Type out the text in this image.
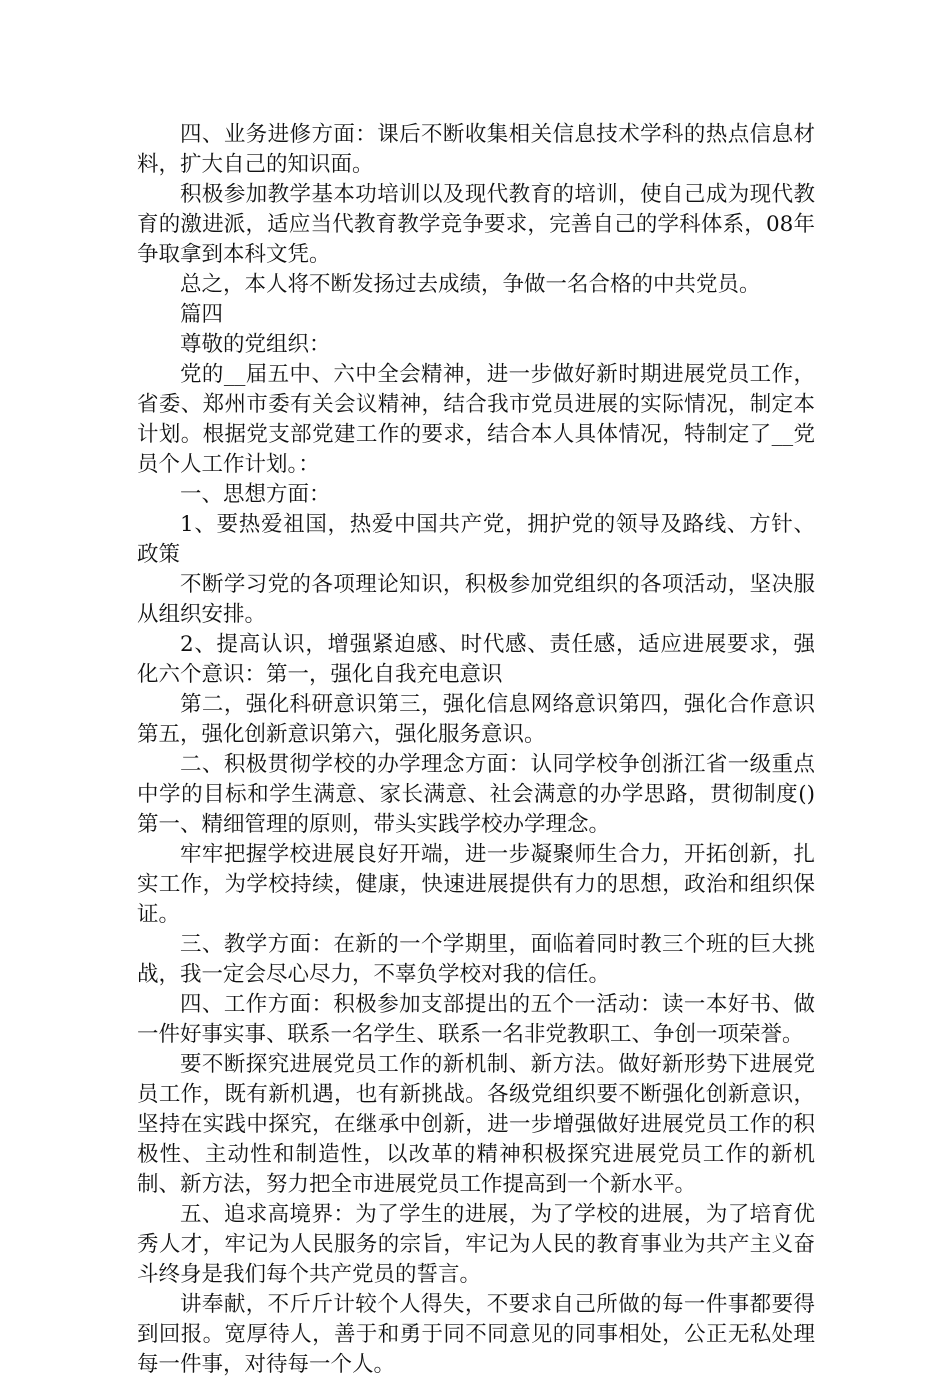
四、业务进修方面：课后不断收集相关信息技术学科的热点信息材料，扩大自己的知识面。

积极参加教学基本功培训以及现代教育的培训，使自己成为现代教育的激进派，适应当代教育教学竞争要求，完善自己的学科体系，08年争取拿到本科文凭。

总之，本人将不断发扬过去成绩，争做一名合格的中共党员。

篇四

尊敬的党组织：

党的__届五中、六中全会精神，进一步做好新时期进展党员工作，省委、郑州市委有关会议精神，结合我市党员进展的实际情况，制定本计划。根据党支部党建工作的要求，结合本人具体情况，特制定了__党员个人工作计划。：

一、思想方面：

1、要热爱祖国，热爱中国共产党，拥护党的领导及路线、方针、政策

不断学习党的各项理论知识，积极参加党组织的各项活动，坚决服从组织安排。

2、提高认识，增强紧迫感、时代感、责任感，适应进展要求，强化六个意识：第一，强化自我充电意识

第二，强化科研意识第三，强化信息网络意识第四，强化合作意识第五，强化创新意识第六，强化服务意识。

二、积极贯彻学校的办学理念方面：认同学校争创浙江省一级重点中学的目标和学生满意、家长满意、社会满意的办学思路，贯彻制度()第一、精细管理的原则，带头实践学校办学理念。

牢牢把握学校进展良好开端，进一步凝聚师生合力，开拓创新，扎实工作，为学校持续，健康，快速进展提供有力的思想，政治和组织保证。

三、教学方面：在新的一个学期里，面临着同时教三个班的巨大挑战，我一定会尽心尽力，不辜负学校对我的信任。

四、工作方面：积极参加支部提出的五个一活动：读一本好书、做一件好事实事、联系一名学生、联系一名非党教职工、争创一项荣誉。

要不断探究进展党员工作的新机制、新方法。做好新形势下进展党员工作，既有新机遇，也有新挑战。各级党组织要不断强化创新意识，坚持在实践中探究，在继承中创新，进一步增强做好进展党员工作的积极性、主动性和制造性，以改革的精神积极探究进展党员工作的新机制、新方法，努力把全市进展党员工作提高到一个新水平。

五、追求高境界：为了学生的进展，为了学校的进展，为了培育优秀人才，牢记为人民服务的宗旨，牢记为人民的教育事业为共产主义奋斗终身是我们每个共产党员的誓言。

讲奉献，不斤斤计较个人得失，不要求自己所做的每一件事都要得到回报。宽厚待人，善于和勇于同不同意见的同事相处，公正无私处理每一件事，对待每一个人。
